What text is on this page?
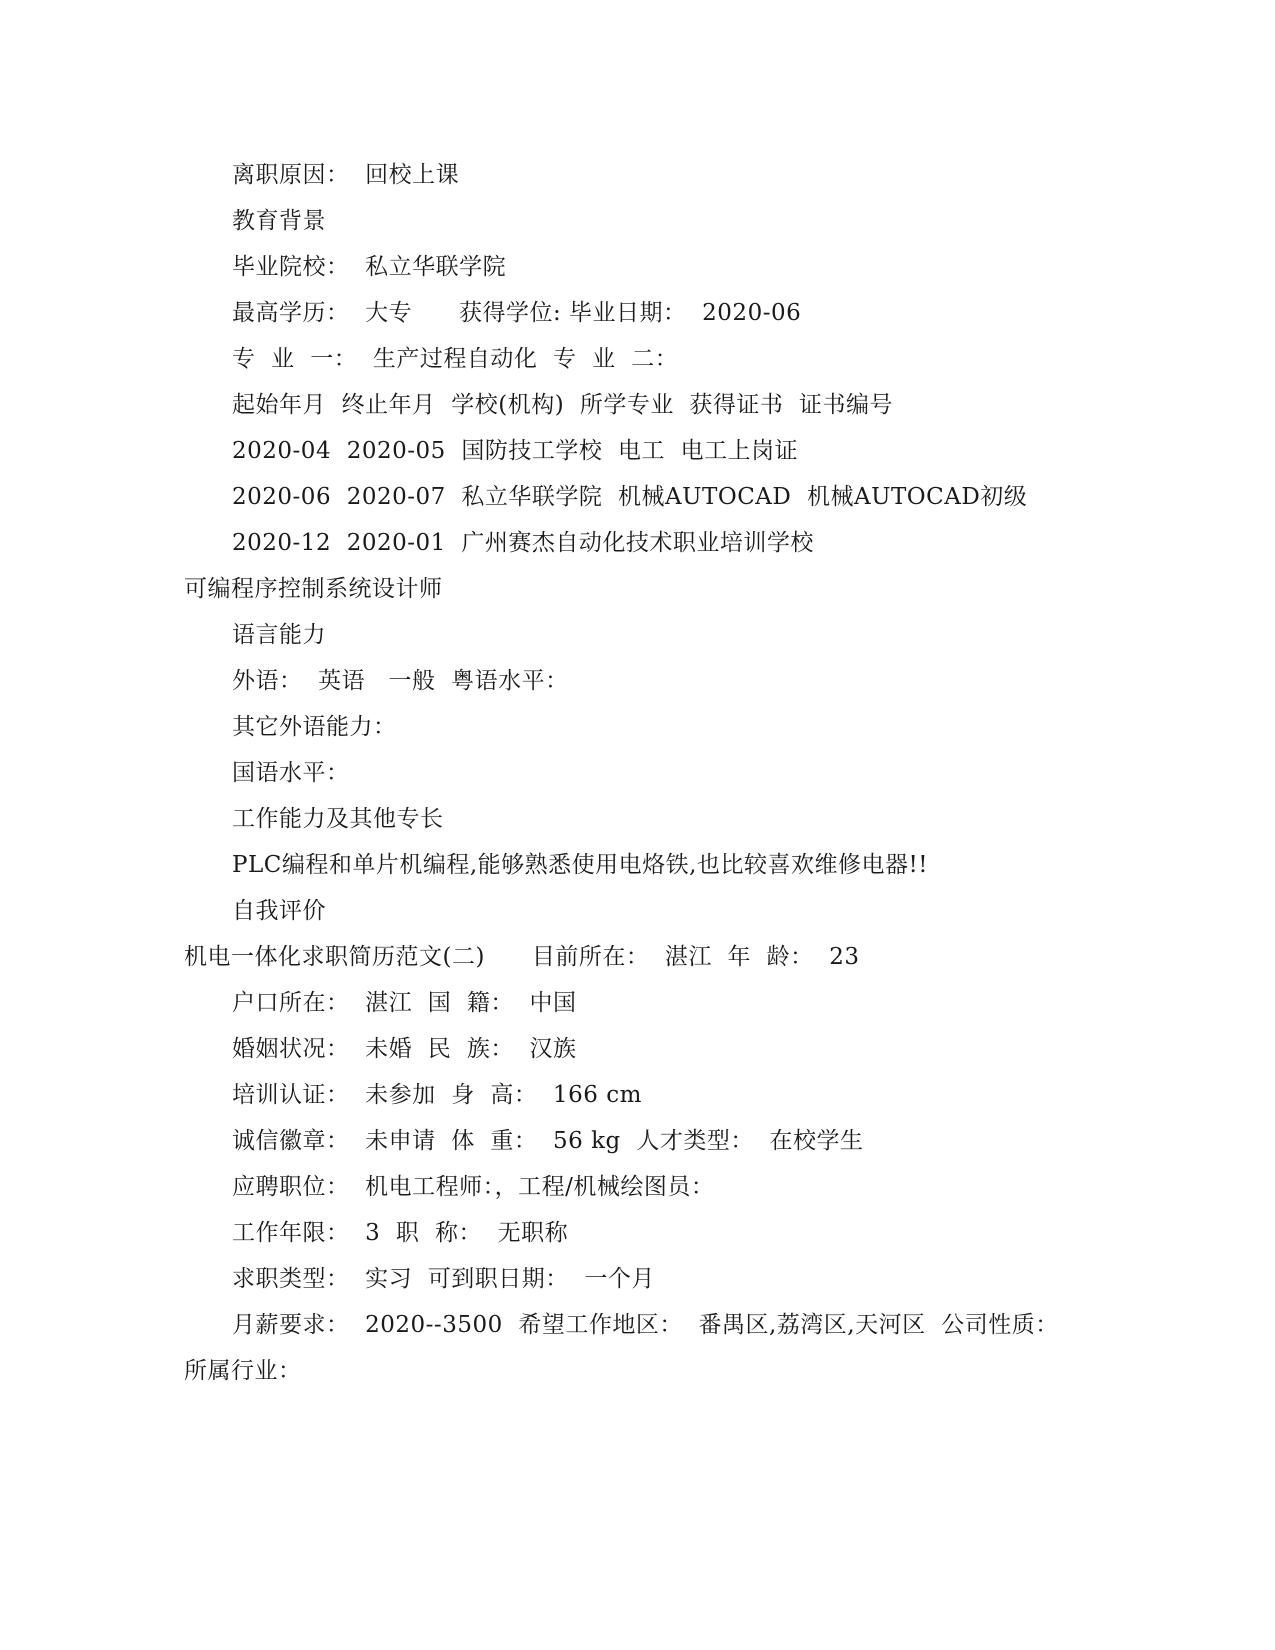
离职原因：  回校上课
教育背景
毕业院校：  私立华联学院
最高学历：  大专      获得学位: 毕业日期：  2020-06
专  业  一：  生产过程自动化  专  业  二：
起始年月  终止年月  学校(机构)  所学专业  获得证书  证书编号
2020-04  2020-05  国防技工学校  电工  电工上岗证
2020-06  2020-07  私立华联学院  机械AUTOCAD  机械AUTOCAD初级
2020-12  2020-01  广州赛杰自动化技术职业培训学校
可编程序控制系统设计师
语言能力
外语：  英语   一般  粤语水平：
其它外语能力：
国语水平：
工作能力及其他专长
PLC编程和单片机编程,能够熟悉使用电烙铁,也比较喜欢维修电器!!
自我评价
机电一体化求职简历范文(二)      目前所在：  湛江  年  龄：  23
户口所在：  湛江  国  籍：  中国
婚姻状况：  未婚  民  族：  汉族
培训认证：  未参加  身  高：  166 cm
诚信徽章：  未申请  体  重：  56 kg  人才类型：  在校学生
应聘职位：  机电工程师：，工程/机械绘图员：
工作年限：  3  职  称：  无职称
求职类型：  实习  可到职日期：  一个月
月薪要求：  2020--3500  希望工作地区：  番禺区,荔湾区,天河区  公司性质：
所属行业：
